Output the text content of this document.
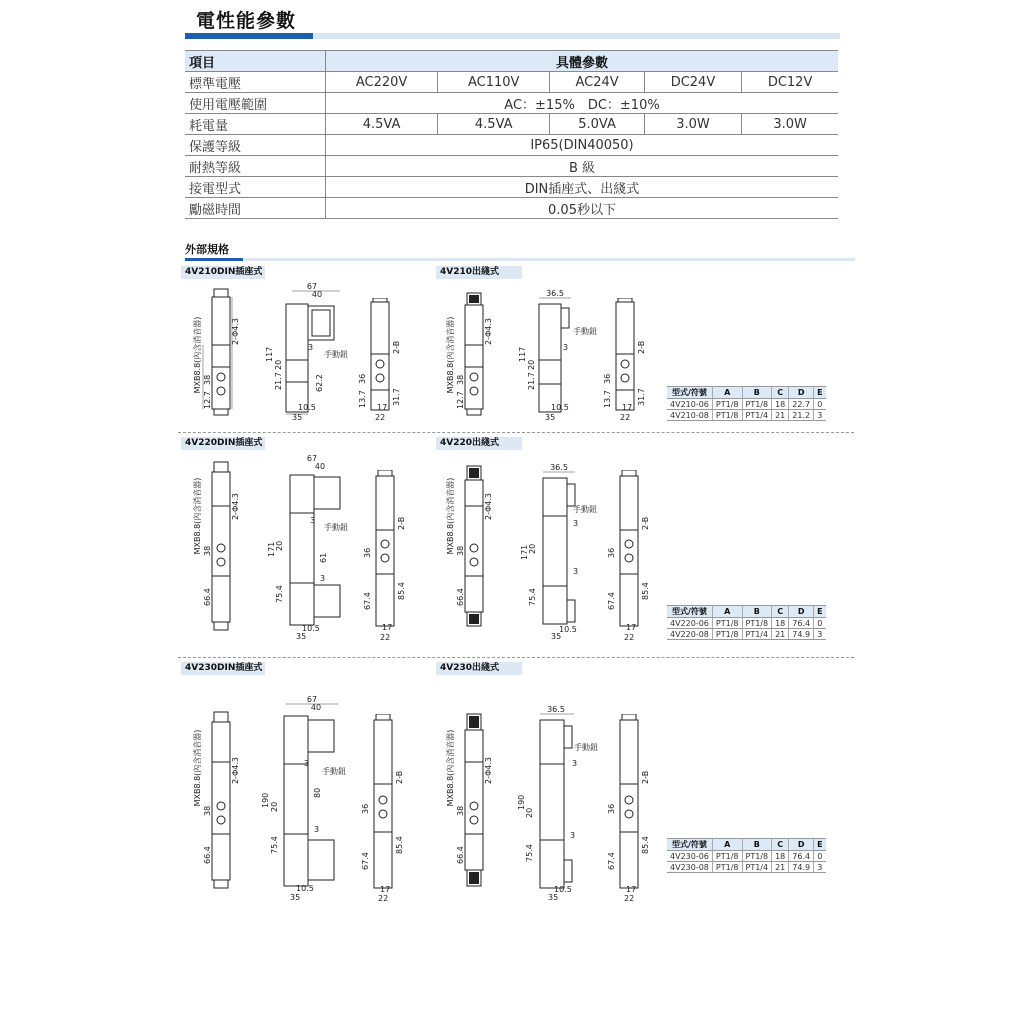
電性能參數
項目	具體參數				
標準電壓	AC220V	AC110V	AC24V	DC24V	DC12V
使用電壓範圍	AC：±15%　DC：±10%				
耗電量	4.5VA	4.5VA	5.0VA	3.0W	3.0W
保護等級	IP65(DIN40050)				
耐熱等級	B 級				
接電型式	DIN插座式、出綫式				
勵磁時間	0.05秒以下				
外部規格
4V210DIN插座式	4V210出綫式
4V220DIN插座式	4V220出綫式
4V230DIN插座式	4V230出綫式
MXB8.8(內含消音器) 38
12.7
2-Φ4.3
67
40
3
手動鈕
117
21.7
20
62.2
10.5
35
13.7
36
31.7
2-B
17
22
MXB8.8(內含消音器) 38
12.7
2-Φ4.3
36.5
3
手動鈕
117
21.7
20
10.5
35
13.7
36
31.7
2-B
17
22
型式/符號	A	B	C	D	E
4V210-06	PT1/8	PT1/8	18	22.7	0
4V210-08	PT1/8	PT1/4	21	21.2	3
MXB8.8(內含消音器) 38
66.4
2-Φ4.3
67
40
3
手動鈕
3
171 20
75.4
61
10.5
35
36
67.4
2-B
85.4
17
22
MXB8.8(內含消音器) 38
66.4
2-Φ4.3
36.5
手動鈕
3
3
171 20
75.4
10.5
35
36
67.4
2-B
85.4
17
22
型式/符號	A	B	C	D	E
4V220-06	PT1/8	PT1/8	18	76.4	0
4V220-08	PT1/8	PT1/4	21	74.9	3
MXB8.8(內含消音器)
38
66.4
2-Φ4.3
67
40
3
手動鈕
3
190 20
75.4
80
10.5
35
36
67.4
2-B
85.4
17
22
MXB8.8(內含消音器)
38
66.4
2-Φ4.3
36.5
手動鈕
3
3
190
20
75.4
10.5
35
36
67.4
2-B
85.4
17
22
型式/符號	A	B	C	D	E
4V230-06	PT1/8	PT1/8	18	76.4	0
4V230-08	PT1/8	PT1/4	21	74.9	3
